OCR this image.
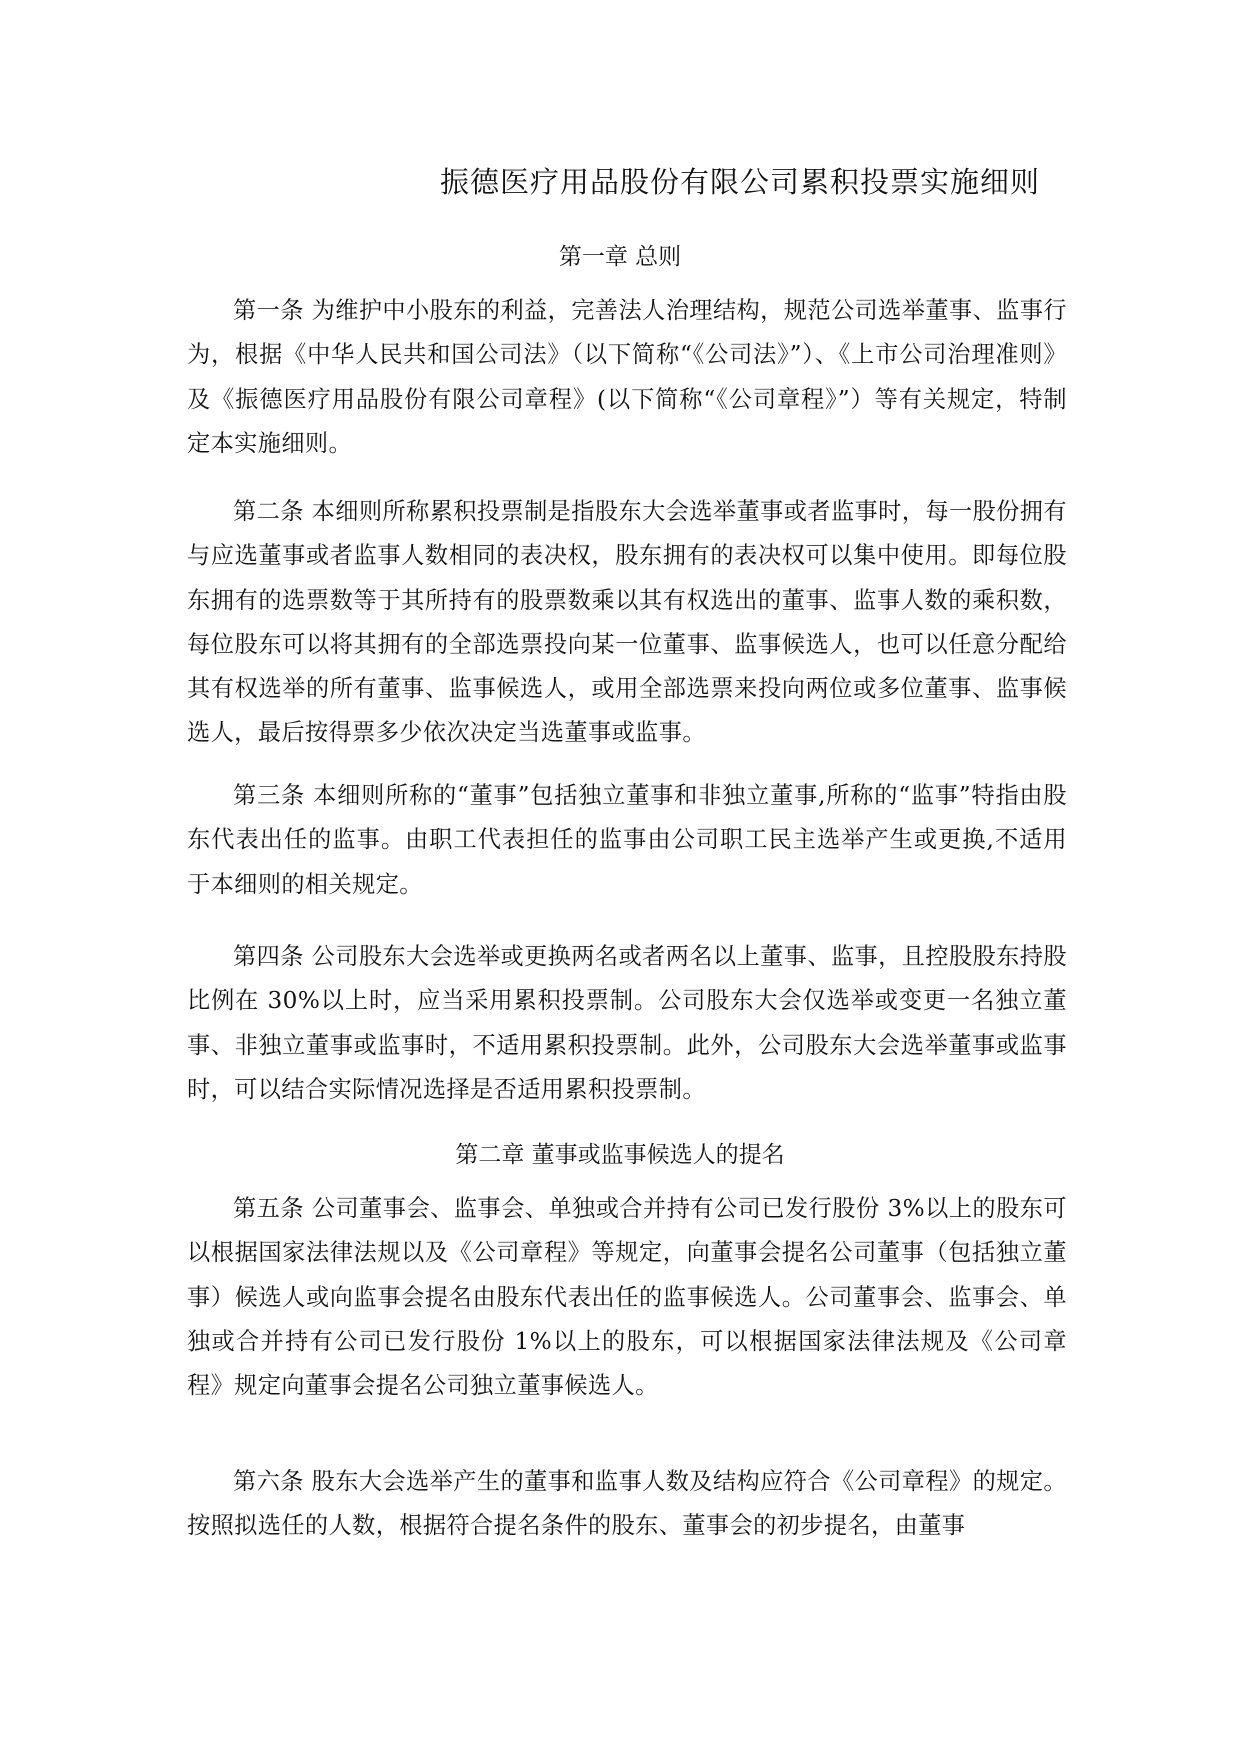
振德医疗用品股份有限公司累积投票实施细则
第一章 总则

第一条 为维护中小股东的利益，完善法人治理结构，规范公司选举董事、监事行为，根据《中华人民共和国公司法》（以下简称“《公司法》”）、《上市公司治理准则》及《振德医疗用品股份有限公司章程》(以下简称“《公司章程》”）等有关规定，特制定本实施细则。

第二条 本细则所称累积投票制是指股东大会选举董事或者监事时，每一股份拥有与应选董事或者监事人数相同的表决权，股东拥有的表决权可以集中使用。即每位股东拥有的选票数等于其所持有的股票数乘以其有权选出的董事、监事人数的乘积数，每位股东可以将其拥有的全部选票投向某一位董事、监事候选人，也可以任意分配给其有权选举的所有董事、监事候选人，或用全部选票来投向两位或多位董事、监事候选人，最后按得票多少依次决定当选董事或监事。

第三条 本细则所称的“董事”包括独立董事和非独立董事,所称的“监事”特指由股东代表出任的监事。由职工代表担任的监事由公司职工民主选举产生或更换,不适用于本细则的相关规定。

第四条 公司股东大会选举或更换两名或者两名以上董事、监事，且控股股东持股比例在 30%以上时，应当采用累积投票制。公司股东大会仅选举或变更一名独立董事、非独立董事或监事时，不适用累积投票制。此外，公司股东大会选举董事或监事时，可以结合实际情况选择是否适用累积投票制。

第二章 董事或监事候选人的提名

第五条 公司董事会、监事会、单独或合并持有公司已发行股份 3%以上的股东可以根据国家法律法规以及《公司章程》等规定，向董事会提名公司董事（包括独立董事）候选人或向监事会提名由股东代表出任的监事候选人。公司董事会、监事会、单独或合并持有公司已发行股份 1%以上的股东，可以根据国家法律法规及《公司章程》规定向董事会提名公司独立董事候选人。

第六条 股东大会选举产生的董事和监事人数及结构应符合《公司章程》的规定。按照拟选任的人数，根据符合提名条件的股东、董事会的初步提名，由董事
